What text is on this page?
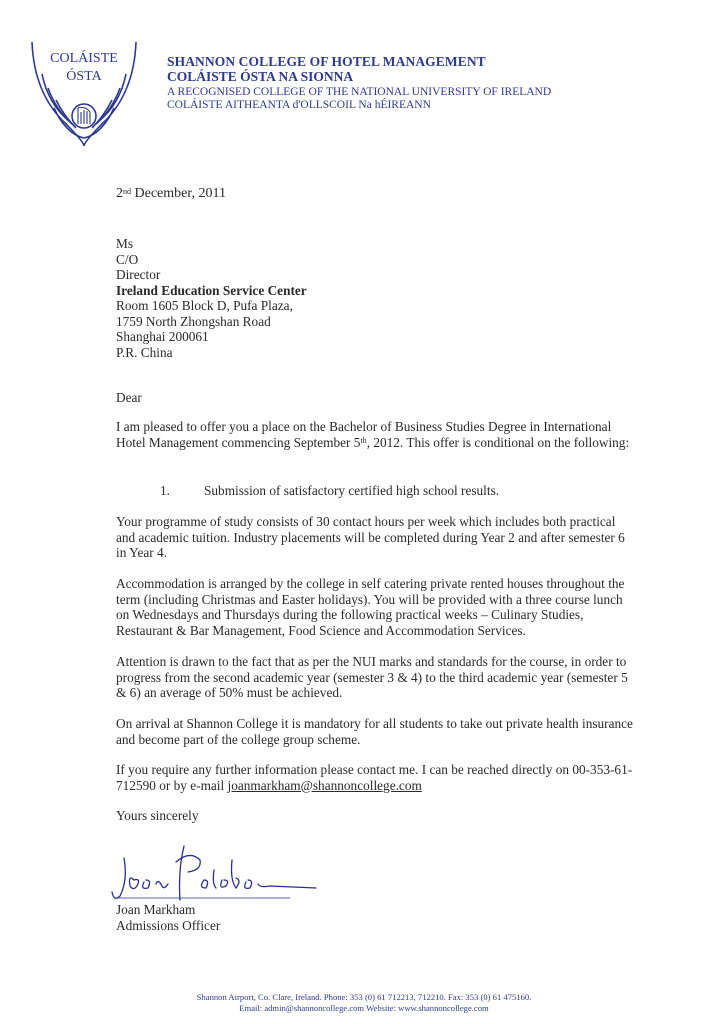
COLÁISTE
ÓSTA
SHANNON COLLEGE OF HOTEL MANAGEMENT
COLÁISTE ÓSTA NA SIONNA
A RECOGNISED COLLEGE OF THE NATIONAL UNIVERSITY OF IRELAND
COLÁISTE AITHEANTA d'OLLSCOIL Na hÉIREANN
2nd December, 2011
Ms
C/O
Director
Ireland Education Service Center
Room 1605 Block D, Pufa Plaza,
1759 North Zhongshan Road
Shanghai 200061
P.R. China
Dear
I am pleased to offer you a place on the Bachelor of Business Studies Degree in International Hotel Management commencing September 5th, 2012. This offer is conditional on the following:
1.	Submission of satisfactory certified high school results.
Your programme of study consists of 30 contact hours per week which includes both practical and academic tuition. Industry placements will be completed during Year 2 and after semester 6 in Year 4.
Accommodation is arranged by the college in self catering private rented houses throughout the term (including Christmas and Easter holidays). You will be provided with a three course lunch on Wednesdays and Thursdays during the following practical weeks – Culinary Studies, Restaurant & Bar Management, Food Science and Accommodation Services.
Attention is drawn to the fact that as per the NUI marks and standards for the course, in order to progress from the second academic year (semester 3 & 4) to the third academic year (semester 5 & 6) an average of 50% must be achieved.
On arrival at Shannon College it is mandatory for all students to take out private health insurance and become part of the college group scheme.
If you require any further information please contact me. I can be reached directly on 00-353-61-712590 or by e-mail joanmarkham@shannoncollege.com
Yours sincerely
Joan Markham
Admissions Officer
Shannon Airport, Co. Clare, Ireland. Phone: 353 (0) 61 712213, 712210. Fax: 353 (0) 61 475160.
Email: admin@shannoncollege.com Website: www.shannoncollege.com
